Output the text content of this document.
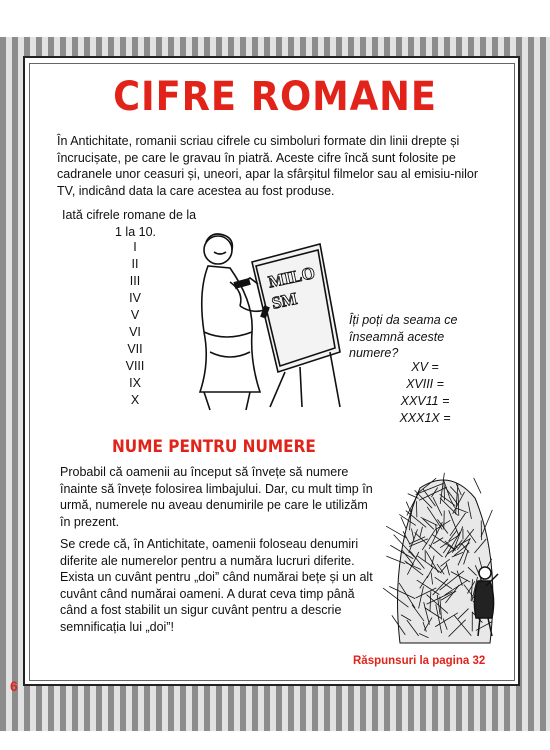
CIFRE ROMANE
În Antichitate, romanii scriau cifrele cu simboluri formate din linii drepte și încrucișate, pe care le gravau în piatră. Aceste cifre încă sunt folosite pe cadranele unor ceasuri și, uneori, apar la sfârșitul filmelor sau al emisiu-nilor TV, indicând data la care acestea au fost produse.
Iată cifrele romane de la
1 la 10.
I
II
III
IV
V
VI
VII
VIII
IX
X
MILO
SM
Îți poți da seama ce înseamnă aceste numere?
XV =
XVIII =
XXV11 =
XXX1X =
NUME PENTRU NUMERE
Probabil că oamenii au început să învețe să numere înainte să învețe folosirea limbajului. Dar, cu mult timp în urmă, numerele nu aveau denumirile pe care le utilizăm în prezent.
Se crede că, în Antichitate, oamenii foloseau denumiri diferite ale numerelor pentru a număra lucruri diferite. Exista un cuvânt pentru „doi” când numărai bețe și un alt cuvânt când numărai oameni. A durat ceva timp până când a fost stabilit un sigur cuvânt pentru a descrie semnificația lui „doi”!
Răspunsuri la pagina 32
6
